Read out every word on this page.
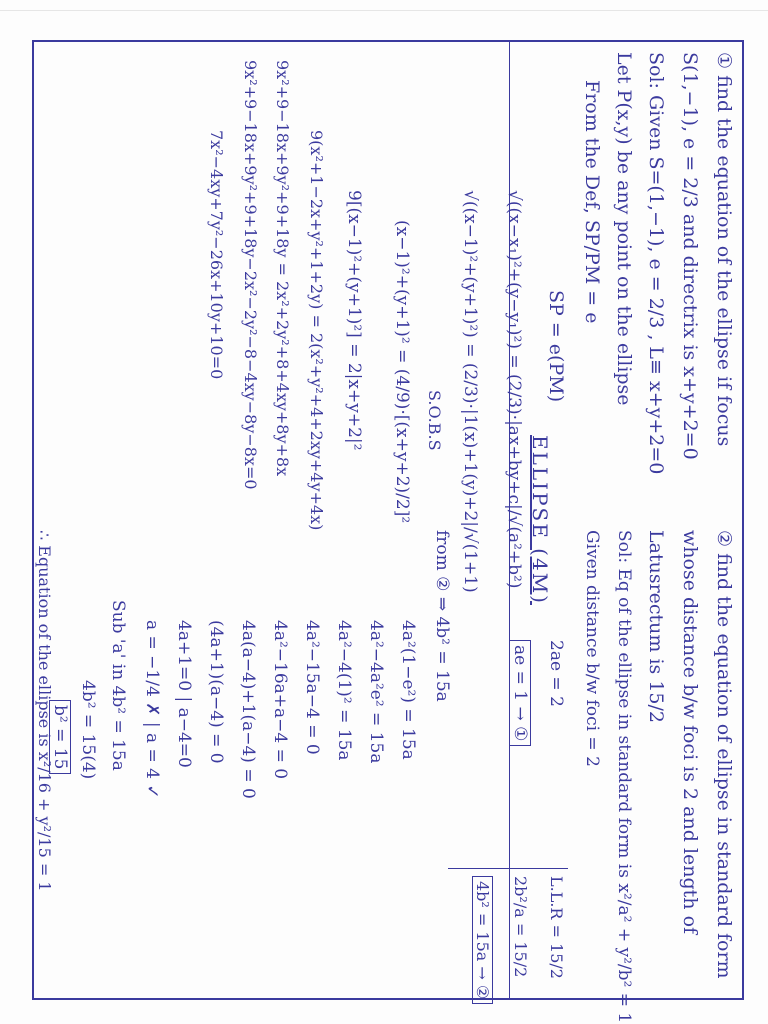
ELLIPSE (4M)
① find the equation of the ellipse if focus
S(1,−1), e = 2/3 and directrix is x+y+2=0
Sol: Given S=(1,−1), e = 2/3 , L≡ x+y+2=0
Let P(x,y) be any point on the ellipse
From the Def, SP/PM = e
SP = e(PM)
√((x−x₁)²+(y−y₁)²) = (2/3)·|ax+by+c|/√(a²+b²)
√((x−1)²+(y+1)²) = (2/3)·|1(x)+1(y)+2|/√(1+1)
S.O.B.S
(x−1)²+(y+1)² = (4/9)·[(x+y+2)/2]²
9[(x−1)²+(y+1)²] = 2|x+y+2|²
9(x²+1−2x+y²+1+2y) = 2(x²+y²+4+2xy+4y+4x)
9x²+9−18x+9y²+9+18y = 2x²+2y²+8+4xy+8y+8x
9x²+9−18x+9y²+9+18y−2x²−2y²−8−4xy−8y−8x=0
7x²−4xy+7y²−26x+10y+10=0
② find the equation of ellipse in standard form
whose distance b/w foci is 2 and length of
Latusrectum is 15/2
Sol: Eq of the ellipse in standard form is x²/a² + y²/b² = 1
Given distance b/w foci = 2
2ae = 2
ae = 1 → ①
L.L.R = 15/2
2b²/a = 15/2
4b² = 15a → ②
from ② ⇒ 4b² = 15a
4a²(1−e²) = 15a
4a²−4a²e² = 15a
4a²−4(1)² = 15a
4a²−15a−4 = 0
4a²−16a+a−4 = 0
4a(a−4)+1(a−4) = 0
(4a+1)(a−4) = 0
4a+1=0 | a−4=0
a = −1/4 ✗ | a = 4 ✓
Sub 'a' in 4b² = 15a
4b² = 15(4)
b² = 15
∴ Equation of the ellipse is x²/16 + y²/15 = 1
